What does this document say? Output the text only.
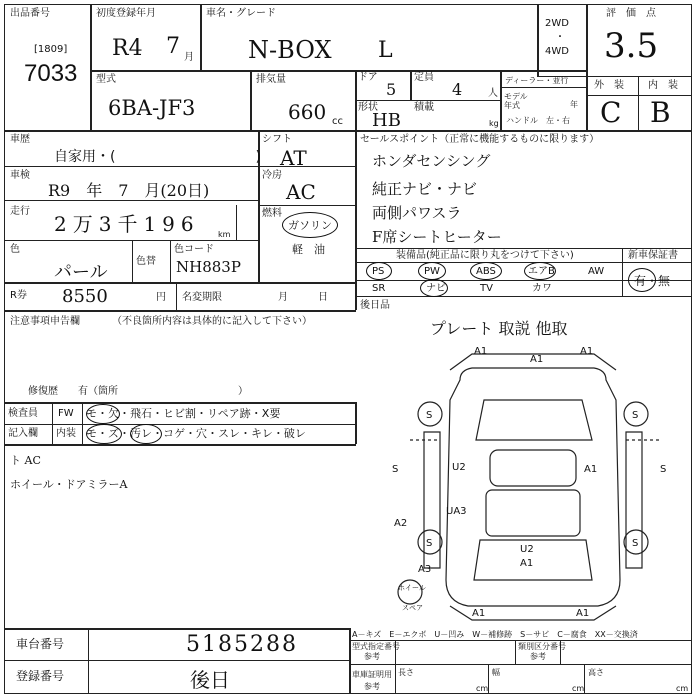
出品番号
[1809]
7033
初度登録年月
R4 7 月
車名・グレード
N-BOX L
2WD
・
4WD
評　価　点
3.5
型式
6BA-JF3
排気量
660 cc
ドア
5
定員
4	人
形状
HB
積載
kg
ディーラー・並行
モデル年式	年
ハンドル　左・右
外　装 内　装
C B
車歴
自家用・(　　　　　　　　　　)
車検
R9　年　7　月(20日)
走行
2万3千196 km
色
パール
色替
色コード
NH883P
シフト
AT
冷房
AC
燃料
ガソリン
軽　油
セールスポイント（正常に機能するものに限ります）
ホンダセンシング
純正ナビ・ナビ
両側パワスラ
F席シートヒーター
装備品(純正品に限り丸をつけて下さい)	新車保証書
PS	PW	ABS	エアB	AW
SR	ナビ	TV	カワ
有・無
R券 8550	円 名変期限	月　　　日
後日品
プレート 取説 他取
注意事項申告欄	（不良箇所内容は具体的に記入して下さい）
修復歴　　有（箇所　　　　　　　　　　　　）
検査員
記入欄
FW モ・欠・飛石・ヒビ割・リペア跡・X要
内装 モ・ズ・汚レ・コゲ・穴・スレ・キレ・破レ
ト AC
ホイール・ドアミラーA
A1	A1
A1
U2	A1
A2
UA3
A3
U2
A1
A1	A1
S	S
S	S
S	S
ホイール
スペア
A－キズ　E－エクボ　U－凹み　W－補修跡　S－サビ　C－腐食　XX－交換済
車台番号	5185288
登録番号	後日
型式指定番号
参考
類別区分番号
参考
車庫証明用
参考
長さ	幅	高さ
cm	cm	cm
